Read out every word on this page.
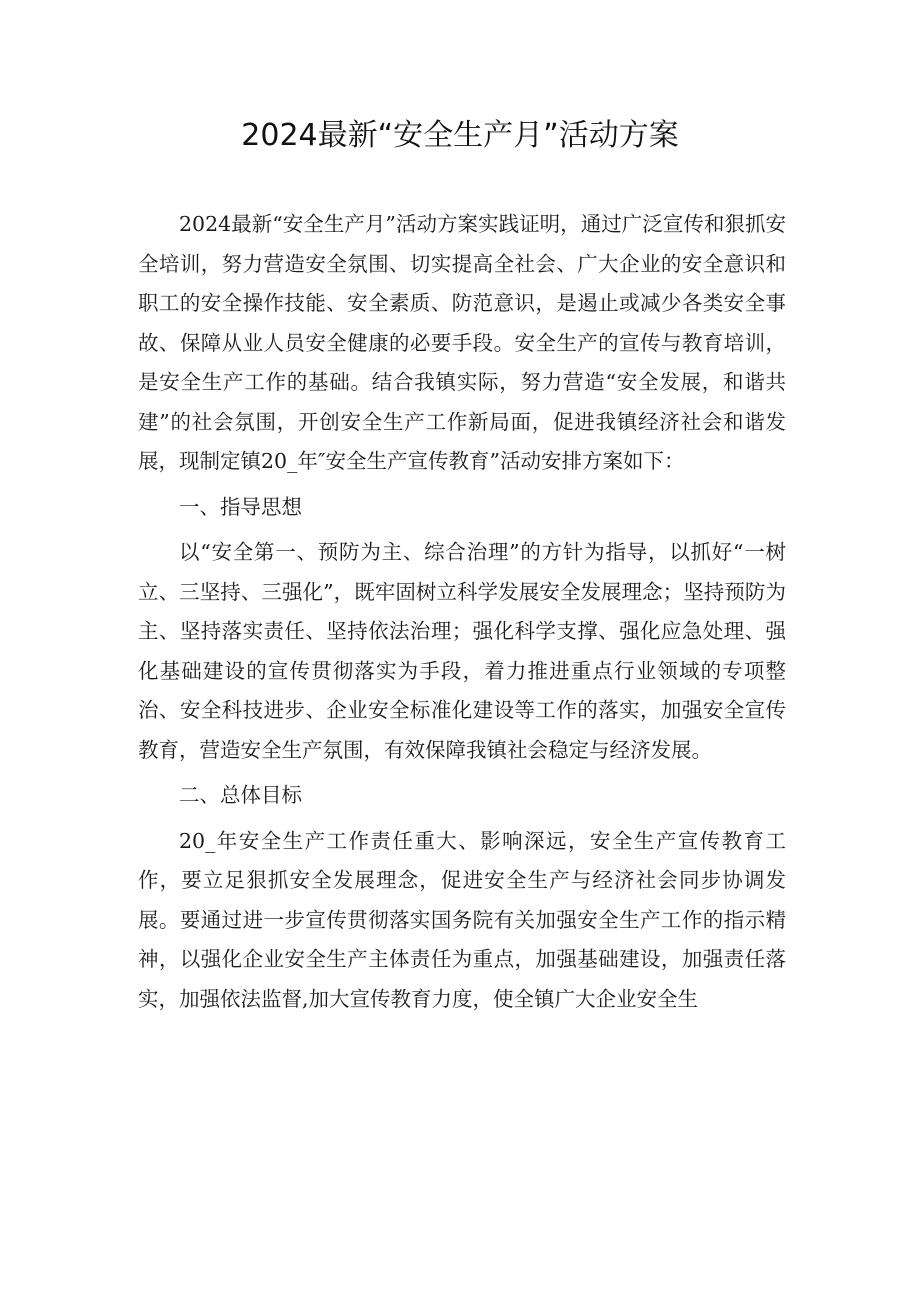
2024最新“安全生产月”活动方案

2024最新“安全生产月”活动方案实践证明，通过广泛宣传和狠抓安全培训，努力营造安全氛围、切实提高全社会、广大企业的安全意识和职工的安全操作技能、安全素质、防范意识，是遏止或减少各类安全事故、保障从业人员安全健康的必要手段。安全生产的宣传与教育培训，是安全生产工作的基础。结合我镇实际，努力营造“安全发展，和谐共建”的社会氛围，开创安全生产工作新局面，促进我镇经济社会和谐发展，现制定镇20_年″安全生产宣传教育”活动安排方案如下：

一、指导思想

以“安全第一、预防为主、综合治理”的方针为指导，以抓好“一树立、三坚持、三强化”，既牢固树立科学发展安全发展理念；坚持预防为主、坚持落实责任、坚持依法治理；强化科学支撑、强化应急处理、强化基础建设的宣传贯彻落实为手段，着力推进重点行业领域的专项整治、安全科技进步、企业安全标准化建设等工作的落实，加强安全宣传教育，营造安全生产氛围，有效保障我镇社会稳定与经济发展。

二、总体目标

20_年安全生产工作责任重大、影响深远，安全生产宣传教育工作，要立足狠抓安全发展理念，促进安全生产与经济社会同步协调发展。要通过进一步宣传贯彻落实国务院有关加强安全生产工作的指示精神，以强化企业安全生产主体责任为重点，加强基础建设，加强责任落实，加强依法监督,加大宣传教育力度，使全镇广大企业安全生
